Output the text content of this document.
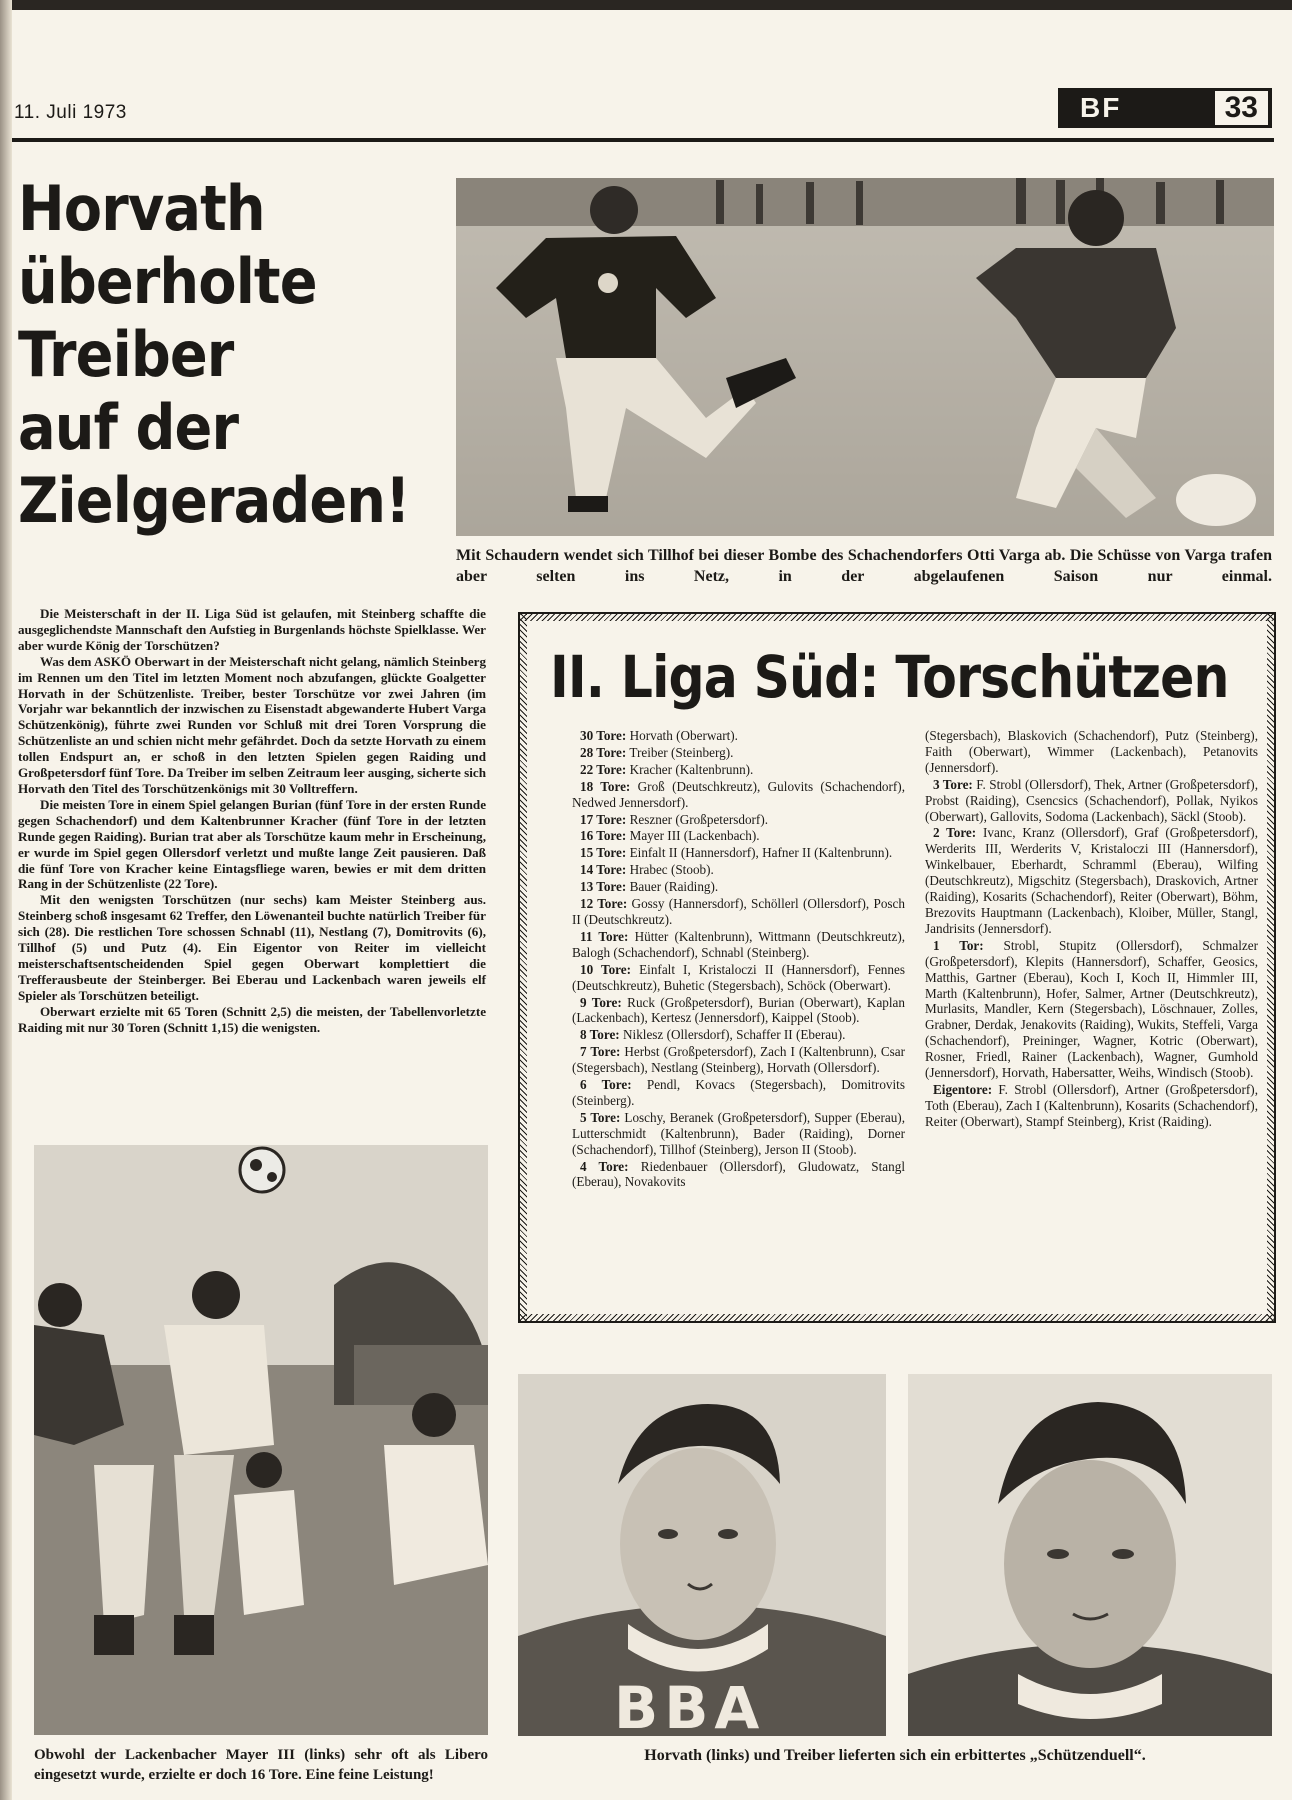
11. Juli 1973	BF	33
Horvath
überholte
Treiber
auf der
Zielgeraden!
Mit Schaudern wendet sich Tillhof bei dieser Bombe des Schachendorfers Otti Varga ab. Die Schüsse von Varga trafen aber selten ins Netz, in der abgelaufenen Saison nur einmal.

Die Meisterschaft in der II. Liga Süd ist gelaufen, mit Steinberg schaffte die ausgeglichendste Mannschaft den Aufstieg in Burgenlands höchste Spielklasse. Wer aber wurde König der Torschützen?

Was dem ASKÖ Oberwart in der Meisterschaft nicht gelang, nämlich Steinberg im Rennen um den Titel im letzten Moment noch abzufangen, glückte Goalgetter Horvath in der Schützenliste. Treiber, bester Torschütze vor zwei Jahren (im Vorjahr war bekanntlich der inzwischen zu Eisenstadt abgewanderte Hubert Varga Schützenkönig), führte zwei Runden vor Schluß mit drei Toren Vorsprung die Schützenliste an und schien nicht mehr gefährdet. Doch da setzte Horvath zu einem tollen Endspurt an, er schoß in den letzten Spielen gegen Raiding und Großpetersdorf fünf Tore. Da Treiber im selben Zeitraum leer ausging, sicherte sich Horvath den Titel des Torschützenkönigs mit 30 Volltreffern.

Die meisten Tore in einem Spiel gelangen Burian (fünf Tore in der ersten Runde gegen Schachendorf) und dem Kaltenbrunner Kracher (fünf Tore in der letzten Runde gegen Raiding). Burian trat aber als Torschütze kaum mehr in Erscheinung, er wurde im Spiel gegen Ollersdorf verletzt und mußte lange Zeit pausieren. Daß die fünf Tore von Kracher keine Eintagsfliege waren, bewies er mit dem dritten Rang in der Schützenliste (22 Tore).

Mit den wenigsten Torschützen (nur sechs) kam Meister Steinberg aus. Steinberg schoß insgesamt 62 Treffer, den Löwenanteil buchte natürlich Treiber für sich (28). Die restlichen Tore schossen Schnabl (11), Nestlang (7), Domitrovits (6), Tillhof (5) und Putz (4). Ein Eigentor von Reiter im vielleicht meisterschaftsentscheidenden Spiel gegen Oberwart komplettiert die Trefferausbeute der Steinberger. Bei Eberau und Lackenbach waren jeweils elf Spieler als Torschützen beteiligt.

Oberwart erzielte mit 65 Toren (Schnitt 2,5) die meisten, der Tabellenvorletzte Raiding mit nur 30 Toren (Schnitt 1,15) die wenigsten.

Obwohl der Lackenbacher Mayer III (links) sehr oft als Libero eingesetzt wurde, erzielte er doch 16 Tore. Eine feine Leistung!
II. Liga Süd: Torschützen

30 Tore: Horvath (Oberwart).

28 Tore: Treiber (Steinberg).

22 Tore: Kracher (Kaltenbrunn).

18 Tore: Groß (Deutschkreutz), Gulovits (Schachendorf), Nedwed Jennersdorf).

17 Tore: Reszner (Großpetersdorf).

16 Tore: Mayer III (Lackenbach).

15 Tore: Einfalt II (Hannersdorf), Hafner II (Kaltenbrunn).

14 Tore: Hrabec (Stoob).

13 Tore: Bauer (Raiding).

12 Tore: Gossy (Hannersdorf), Schöllerl (Ollersdorf), Posch II (Deutschkreutz).

11 Tore: Hütter (Kaltenbrunn), Wittmann (Deutschkreutz), Balogh (Schachendorf), Schnabl (Steinberg).

10 Tore: Einfalt I, Kristaloczi II (Hannersdorf), Fennes (Deutschkreutz), Buhetic (Stegersbach), Schöck (Oberwart).

9 Tore: Ruck (Großpetersdorf), Burian (Oberwart), Kaplan (Lackenbach), Kertesz (Jennersdorf), Kaippel (Stoob).

8 Tore: Niklesz (Ollersdorf), Schaffer II (Eberau).

7 Tore: Herbst (Großpetersdorf), Zach I (Kaltenbrunn), Csar (Stegersbach), Nestlang (Steinberg), Horvath (Ollersdorf).

6 Tore: Pendl, Kovacs (Stegersbach), Domitrovits (Steinberg).

5 Tore: Loschy, Beranek (Großpetersdorf), Supper (Eberau), Lutterschmidt (Kaltenbrunn), Bader (Raiding), Dorner (Schachendorf), Tillhof (Steinberg), Jerson II (Stoob).

4 Tore: Riedenbauer (Ollersdorf), Gludowatz, Stangl (Eberau), Novakovits

(Stegersbach), Blaskovich (Schachendorf), Putz (Steinberg), Faith (Oberwart), Wimmer (Lackenbach), Petanovits (Jennersdorf).

3 Tore: F. Strobl (Ollersdorf), Thek, Artner (Großpetersdorf), Probst (Raiding), Csencsics (Schachendorf), Pollak, Nyikos (Oberwart), Gallovits, Sodoma (Lackenbach), Säckl (Stoob).

2 Tore: Ivanc, Kranz (Ollersdorf), Graf (Großpetersdorf), Werderits III, Werderits V, Kristaloczi III (Hannersdorf), Winkelbauer, Eberhardt, Schramml (Eberau), Wilfing (Deutschkreutz), Migschitz (Stegersbach), Draskovich, Artner (Raiding), Kosarits (Schachendorf), Reiter (Oberwart), Böhm, Brezovits Hauptmann (Lackenbach), Kloiber, Müller, Stangl, Jandrisits (Jennersdorf).

1 Tor: Strobl, Stupitz (Ollersdorf), Schmalzer (Großpetersdorf), Klepits (Hannersdorf), Schaffer, Geosics, Matthis, Gartner (Eberau), Koch I, Koch II, Himmler III, Marth (Kaltenbrunn), Hofer, Salmer, Artner (Deutschkreutz), Murlasits, Mandler, Kern (Stegersbach), Löschnauer, Zolles, Grabner, Derdak, Jenakovits (Raiding), Wukits, Steffeli, Varga (Schachendorf), Preininger, Wagner, Kotric (Oberwart), Rosner, Friedl, Rainer (Lackenbach), Wagner, Gumhold (Jennersdorf), Horvath, Habersatter, Weihs, Windisch (Stoob).

Eigentore: F. Strobl (Ollersdorf), Artner (Großpetersdorf), Toth (Eberau), Zach I (Kaltenbrunn), Kosarits (Schachendorf), Reiter (Oberwart), Stampf Steinberg), Krist (Raiding).

BBA
Horvath (links) und Treiber lieferten sich ein erbittertes „Schützenduell“.
